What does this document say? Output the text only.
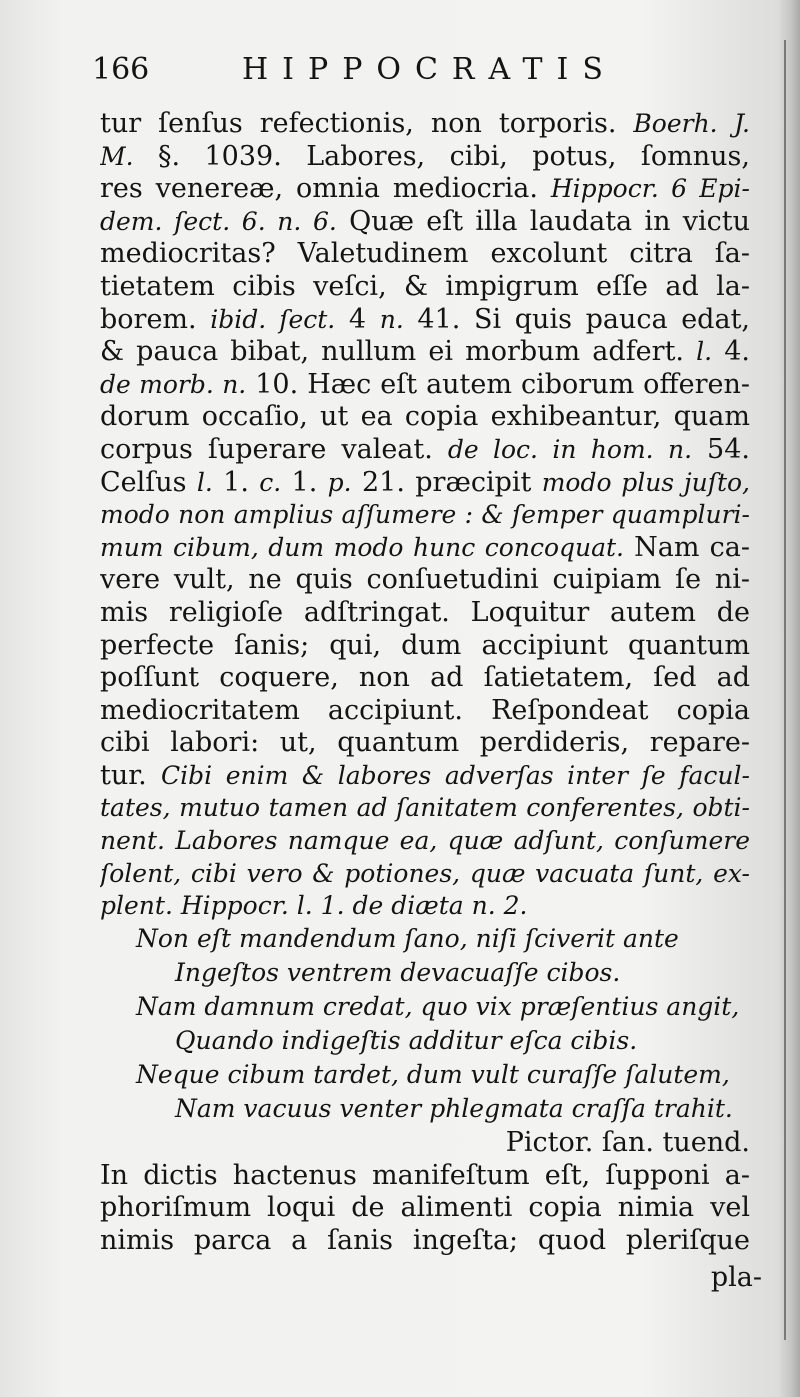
166	HIPPOCRATIS
tur ſenſus refectionis, non torporis. Boerh. J.
M. §. 1039. Labores, cibi, potus, ſomnus,
res venereæ, omnia mediocria. Hippocr. 6 Epi-
dem. ſect. 6. n. 6. Quæ eſt illa laudata in victu
mediocritas? Valetudinem excolunt citra ſa-
tietatem cibis veſci, & impigrum eſſe ad la-
borem. ibid. ſect. 4 n. 41. Si quis pauca edat,
& pauca bibat, nullum ei morbum adfert. l. 4.
de morb. n. 10. Hæc eſt autem ciborum offeren-
dorum occaſio, ut ea copia exhibeantur, quam
corpus ſuperare valeat. de loc. in hom. n. 54.
Celſus l. 1. c. 1. p. 21. præcipit modo plus juſto,
modo non amplius aſſumere : & ſemper quampluri-
mum cibum, dum modo hunc concoquat. Nam ca-
vere vult, ne quis conſuetudini cuipiam ſe ni-
mis religioſe adſtringat. Loquitur autem de
perfecte ſanis; qui, dum accipiunt quantum
poſſunt coquere, non ad ſatietatem, ſed ad
mediocritatem accipiunt. Reſpondeat copia
cibi labori: ut, quantum perdideris, repare-
tur. Cibi enim & labores adverſas inter ſe facul-
tates, mutuo tamen ad ſanitatem conferentes, obti-
nent. Labores namque ea, quæ adſunt, conſumere
ſolent, cibi vero & potiones, quæ vacuata ſunt, ex-
plent. Hippocr. l. 1. de diæta n. 2.
Non eſt mandendum ſano, niſi ſciverit ante
Ingeſtos ventrem devacuaſſe cibos.
Nam damnum credat, quo vix præſentius angit,
Quando indigeſtis additur eſca cibis.
Neque cibum tardet, dum vult curaſſe ſalutem,
Nam vacuus venter phlegmata craſſa trahit.
Pictor. ſan. tuend.
In dictis hactenus manifeſtum eſt, ſupponi a-
phoriſmum loqui de alimenti copia nimia vel
nimis parca a ſanis ingeſta; quod pleriſque
pla-
